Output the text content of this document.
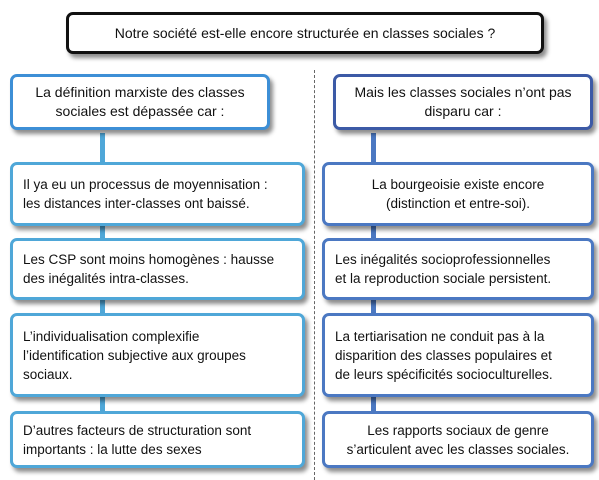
Notre société est-elle encore structurée en classes sociales ?
La définition marxiste des classes
sociales est dépassée car :
Il ya eu un processus de moyennisation :
les distances inter-classes ont baissé.
Les CSP sont moins homogènes : hausse
des inégalités intra-classes.
L’individualisation complexifie
l’identification subjective aux groupes
sociaux.
D’autres facteurs de structuration sont
importants : la lutte des sexes
Mais les classes sociales n’ont pas
disparu car :
La bourgeoisie existe encore
(distinction et entre-soi).
Les inégalités socioprofessionnelles
et la reproduction sociale persistent.
La tertiarisation ne conduit pas à la
disparition des classes populaires et
de leurs spécificités socioculturelles.
Les rapports sociaux de genre
s’articulent avec les classes sociales.
